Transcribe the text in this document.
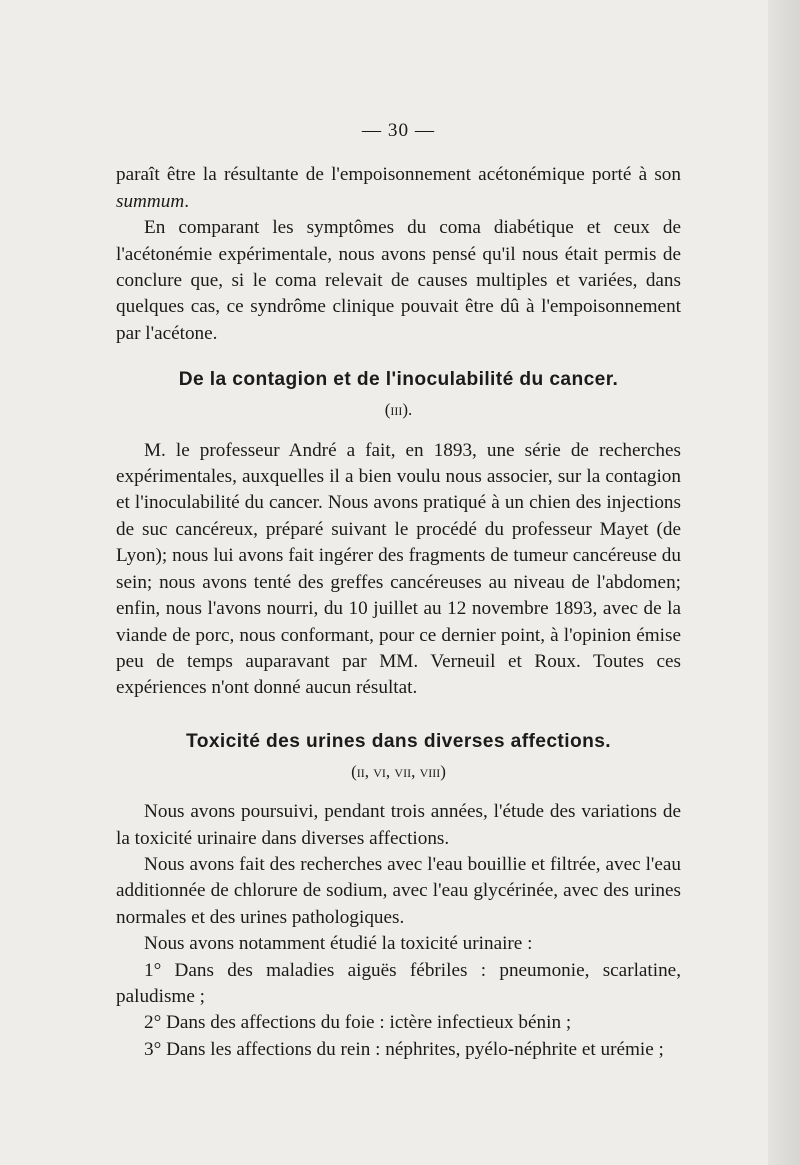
— 30 —

paraît être la résultante de l'empoisonnement acétonémique porté à son summum.

En comparant les symptômes du coma diabétique et ceux de l'acétonémie expérimentale, nous avons pensé qu'il nous était permis de conclure que, si le coma relevait de causes multiples et variées, dans quelques cas, ce syndrôme clinique pouvait être dû à l'empoisonnement par l'acétone.

De la contagion et de l'inoculabilité du cancer.
(iii).

M. le professeur André a fait, en 1893, une série de recherches expérimentales, auxquelles il a bien voulu nous associer, sur la contagion et l'inoculabilité du cancer. Nous avons pratiqué à un chien des injections de suc cancéreux, préparé suivant le procédé du professeur Mayet (de Lyon); nous lui avons fait ingérer des fragments de tumeur cancéreuse du sein; nous avons tenté des greffes cancéreuses au niveau de l'abdomen; enfin, nous l'avons nourri, du 10 juillet au 12 novembre 1893, avec de la viande de porc, nous conformant, pour ce dernier point, à l'opinion émise peu de temps auparavant par MM. Verneuil et Roux. Toutes ces expériences n'ont donné aucun résultat.

Toxicité des urines dans diverses affections.
(ii, vi, vii, viii)

Nous avons poursuivi, pendant trois années, l'étude des variations de la toxicité urinaire dans diverses affections.

Nous avons fait des recherches avec l'eau bouillie et filtrée, avec l'eau additionnée de chlorure de sodium, avec l'eau glycérinée, avec des urines normales et des urines pathologiques.

Nous avons notamment étudié la toxicité urinaire :

1° Dans des maladies aiguës fébriles : pneumonie, scarlatine, paludisme ;

2° Dans des affections du foie : ictère infectieux bénin ;

3° Dans les affections du rein : néphrites, pyélo-néphrite et urémie ;
